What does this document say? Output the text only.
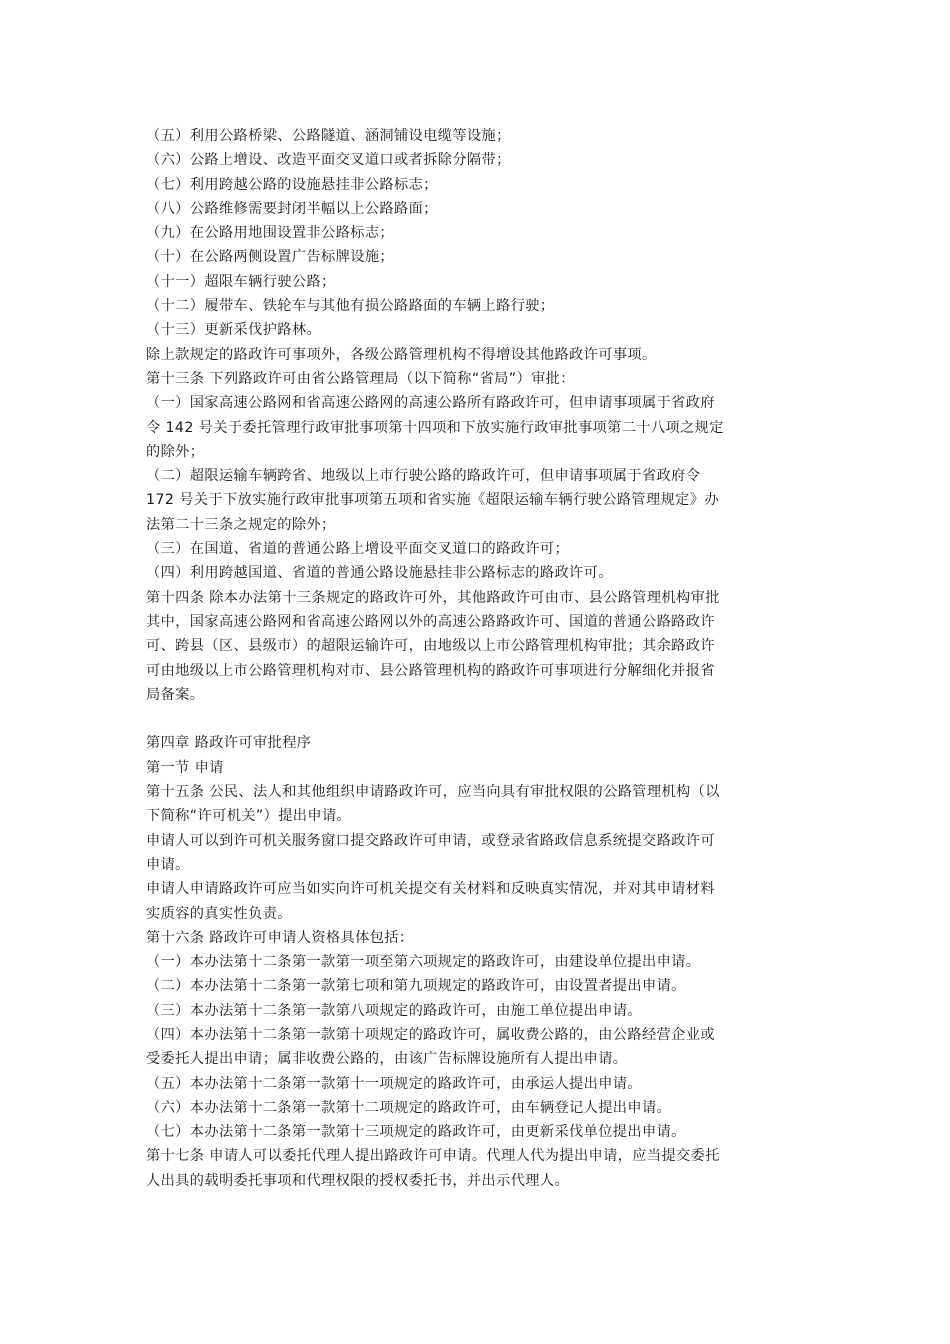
（五）利用公路桥梁、公路隧道、涵洞铺设电缆等设施；
（六）公路上增设、改造平面交叉道口或者拆除分隔带；
（七）利用跨越公路的设施悬挂非公路标志；
（八）公路维修需要封闭半幅以上公路路面；
（九）在公路用地围设置非公路标志；
（十）在公路两侧设置广告标牌设施；
（十一）超限车辆行驶公路；
（十二）履带车、铁轮车与其他有损公路路面的车辆上路行驶；
（十三）更新采伐护路林。
除上款规定的路政许可事项外，各级公路管理机构不得增设其他路政许可事项。
第十三条 下列路政许可由省公路管理局（以下简称“省局”）审批：
（一）国家高速公路网和省高速公路网的高速公路所有路政许可，但申请事项属于省政府
令 142 号关于委托管理行政审批事项第十四项和下放实施行政审批事项第二十八项之规定
的除外；
（二）超限运输车辆跨省、地级以上市行驶公路的路政许可，但申请事项属于省政府令
172 号关于下放实施行政审批事项第五项和省实施《超限运输车辆行驶公路管理规定》办
法第二十三条之规定的除外；
（三）在国道、省道的普通公路上增设平面交叉道口的路政许可；
（四）利用跨越国道、省道的普通公路设施悬挂非公路标志的路政许可。
第十四条 除本办法第十三条规定的路政许可外，其他路政许可由市、县公路管理机构审批
其中，国家高速公路网和省高速公路网以外的高速公路路政许可、国道的普通公路路政许
可、跨县（区、县级市）的超限运输许可，由地级以上市公路管理机构审批；其余路政许
可由地级以上市公路管理机构对市、县公路管理机构的路政许可事项进行分解细化并报省
局备案。
第四章 路政许可审批程序
第一节 申请
第十五条 公民、法人和其他组织申请路政许可，应当向具有审批权限的公路管理机构（以
下简称“许可机关”）提出申请。
申请人可以到许可机关服务窗口提交路政许可申请，或登录省路政信息系统提交路政许可
申请。
申请人申请路政许可应当如实向许可机关提交有关材料和反映真实情况，并对其申请材料
实质容的真实性负责。
第十六条 路政许可申请人资格具体包括：
（一）本办法第十二条第一款第一项至第六项规定的路政许可，由建设单位提出申请。
（二）本办法第十二条第一款第七项和第九项规定的路政许可，由设置者提出申请。
（三）本办法第十二条第一款第八项规定的路政许可，由施工单位提出申请。
（四）本办法第十二条第一款第十项规定的路政许可，属收费公路的，由公路经营企业或
受委托人提出申请；属非收费公路的，由该广告标牌设施所有人提出申请。
（五）本办法第十二条第一款第十一项规定的路政许可，由承运人提出申请。
（六）本办法第十二条第一款第十二项规定的路政许可，由车辆登记人提出申请。
（七）本办法第十二条第一款第十三项规定的路政许可，由更新采伐单位提出申请。
第十七条 申请人可以委托代理人提出路政许可申请。代理人代为提出申请，应当提交委托
人出具的载明委托事项和代理权限的授权委托书，并出示代理人。
